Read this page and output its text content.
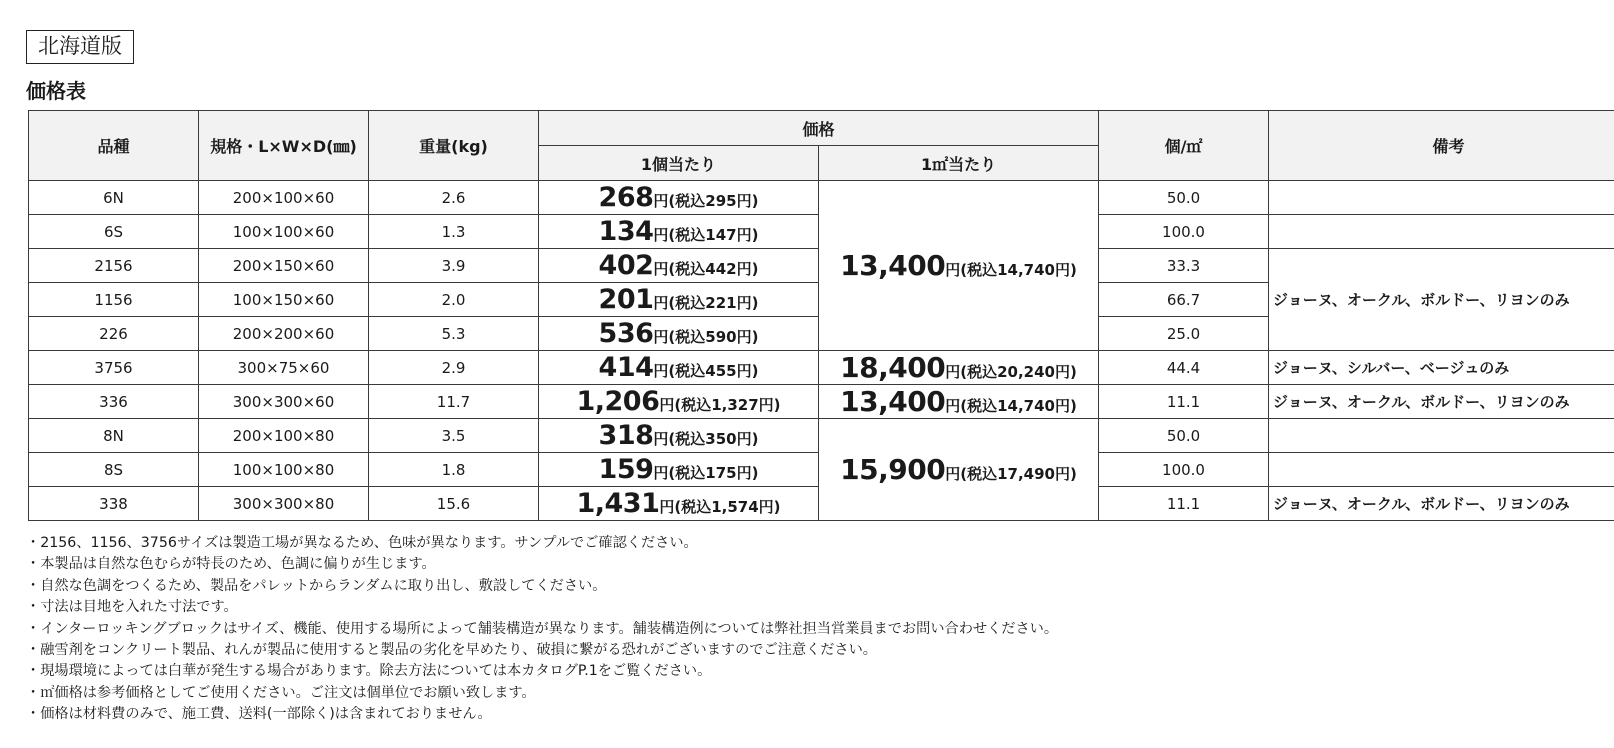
北海道版
価格表
品種	規格・L×W×D(㎜)	重量(kg)	価格		個/㎡	備考
			1個当たり	1㎡当たり		
6N	200×100×60	2.6	268円(税込295円)	13,400円(税込14,740円)	50.0	
6S	100×100×60	1.3	134円(税込147円)		100.0	
2156	200×150×60	3.9	402円(税込442円)		33.3	ジョーヌ、オークル、ボルドー、リヨンのみ
1156	100×150×60	2.0	201円(税込221円)		66.7	
226	200×200×60	5.3	536円(税込590円)		25.0	
3756	300×75×60	2.9	414円(税込455円)	18,400円(税込20,240円)	44.4	ジョーヌ、シルバー、ベージュのみ
336	300×300×60	11.7	1,206円(税込1,327円)	13,400円(税込14,740円)	11.1	ジョーヌ、オークル、ボルドー、リヨンのみ
8N	200×100×80	3.5	318円(税込350円)	15,900円(税込17,490円)	50.0	
8S	100×100×80	1.8	159円(税込175円)		100.0	
338	300×300×80	15.6	1,431円(税込1,574円)		11.1	ジョーヌ、オークル、ボルドー、リヨンのみ
・2156、1156、3756サイズは製造工場が異なるため、色味が異なります。サンプルでご確認ください。
・本製品は自然な色むらが特長のため、色調に偏りが生じます。
・自然な色調をつくるため、製品をパレットからランダムに取り出し、敷設してください。
・寸法は目地を入れた寸法です。
・インターロッキングブロックはサイズ、機能、使用する場所によって舗装構造が異なります。舗装構造例については弊社担当営業員までお問い合わせください。
・融雪剤をコンクリート製品、れんが製品に使用すると製品の劣化を早めたり、破損に繋がる恐れがございますのでご注意ください。
・現場環境によっては白華が発生する場合があります。除去方法については本カタログP.1をご覧ください。
・㎡価格は参考価格としてご使用ください。ご注文は個単位でお願い致します。
・価格は材料費のみで、施工費、送料(一部除く)は含まれておりません。
